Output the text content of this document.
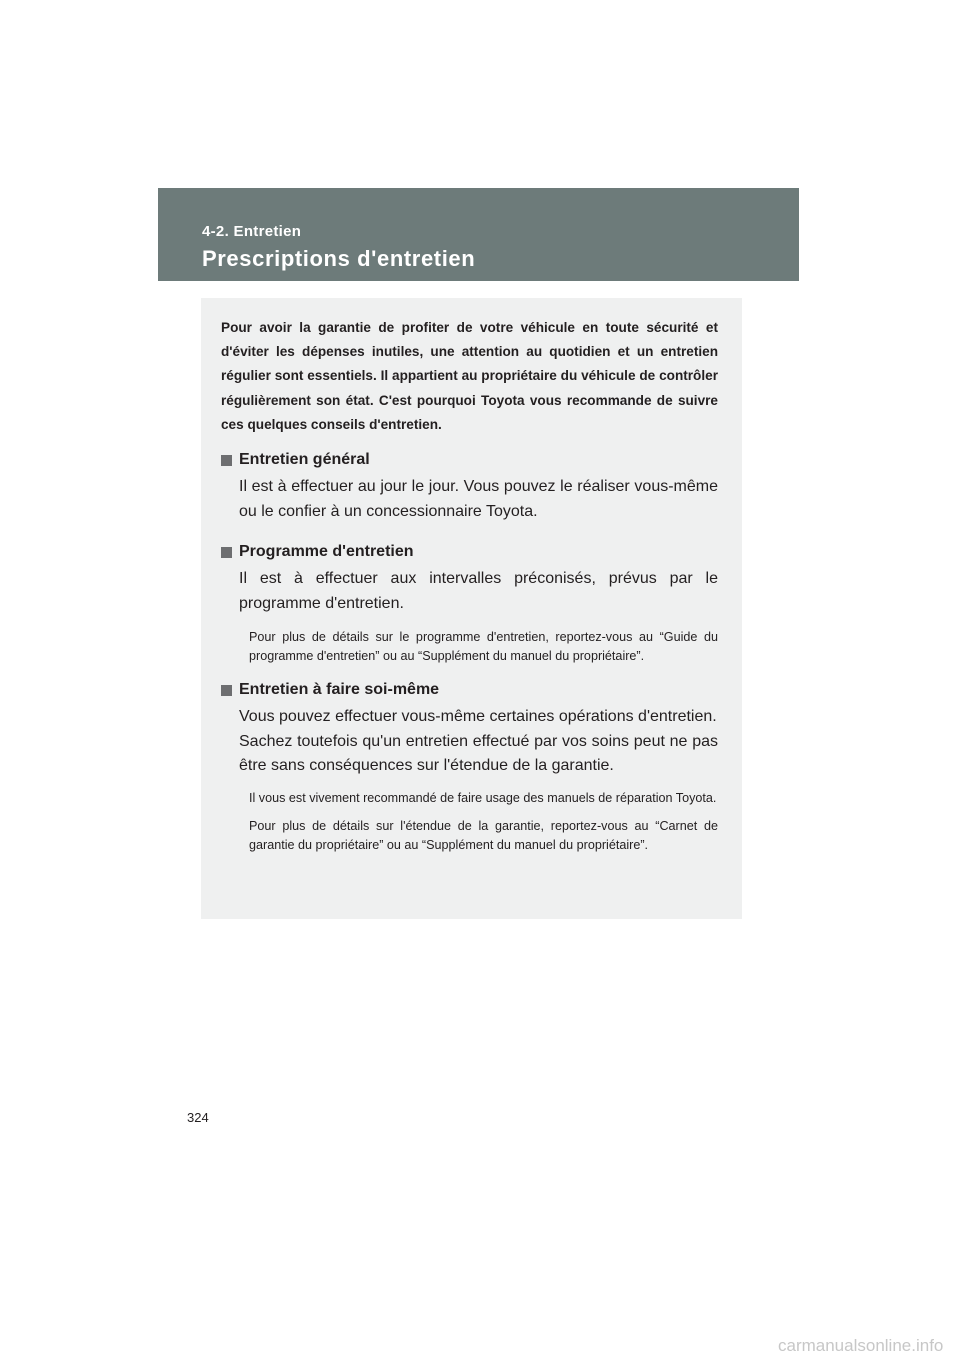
4-2. Entretien
Prescriptions d'entretien

Pour avoir la garantie de profiter de votre véhicule en toute sécurité et d'éviter les dépenses inutiles, une attention au quotidien et un entretien régulier sont essentiels. Il appartient au propriétaire du véhicule de contrôler régulièrement son état. C'est pourquoi Toyota vous recommande de suivre ces quelques conseils d'entretien.

Entretien général

Il est à effectuer au jour le jour. Vous pouvez le réaliser vous-même ou le confier à un concessionnaire Toyota.

Programme d'entretien

Il est à effectuer aux intervalles préconisés, prévus par le programme d'entretien.

Pour plus de détails sur le programme d'entretien, reportez-vous au “Guide du programme d'entretien” ou au “Supplément du manuel du propriétaire”.

Entretien à faire soi-même

Vous pouvez effectuer vous-même certaines opérations d'entretien.
Sachez toutefois qu'un entretien effectué par vos soins peut ne pas être sans conséquences sur l'étendue de la garantie.

Il vous est vivement recommandé de faire usage des manuels de réparation Toyota.

Pour plus de détails sur l'étendue de la garantie, reportez-vous au “Carnet de garantie du propriétaire” ou au “Supplément du manuel du propriétaire”.

324
carmanualsonline.info
